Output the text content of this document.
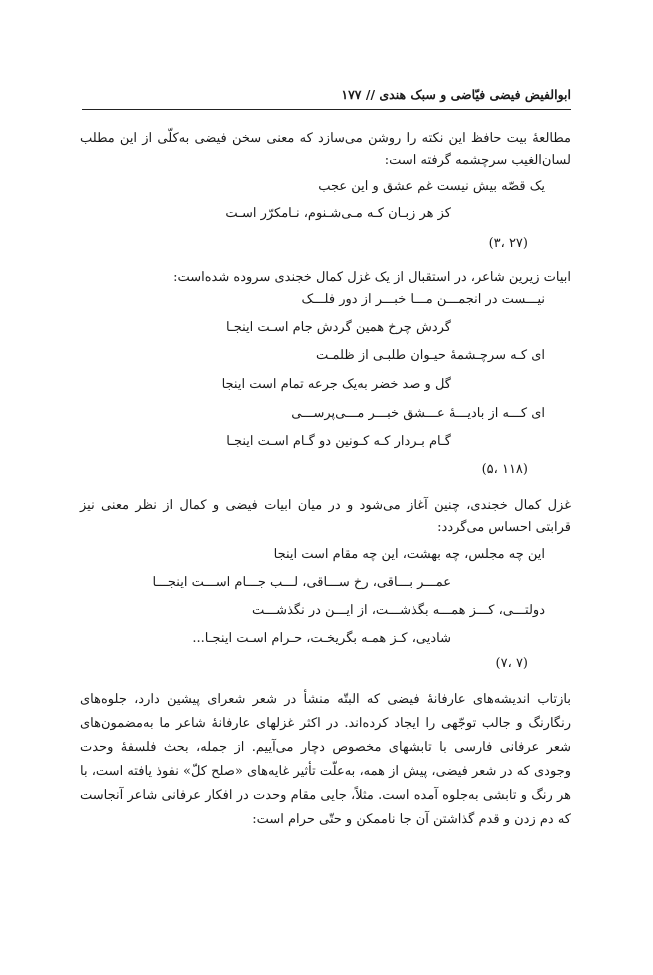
ابوالفیض فیضی فیّاضی و سبک هندی // ۱۷۷

مطالعهٔ بیت حافظ این نکته را روشن می‌سازد که معنی سخن فیضی به‌کلّی از این مطلب لسان‌الغیب سرچشمه گرفته است:

یک قصّه بیش نیست غم عشق و این عجب
کز هر زبـان کـه مـی‌شـنوم، نـامکرّر اسـت
(۲۷ ،۳)

ابیات زیرین شاعر، در استقبال از یک غزل کمال خجندی سروده شده‌است:

نیـــست در انجمـــن مـــا خبـــر از دور فلـــک
گردش چرخ همین گردش جام اسـت اینجـا
ای کـه سرچـشمهٔ حیـوان طلبـی از ظلمـت
گل و صد خضر به‌یک جرعه تمام است اینجا
ای کـــه از بادیـــهٔ عـــشق خبـــر مـــی‌پرســـی
گـام بـردار کـه کـونین دو گـام اسـت اینجـا
(۱۱۸ ،۵)

غزل کمال خجندی، چنین آغاز می‌شود و در میان ابیات فیضی و کمال از نظر معنی نیز قرابتی احساس می‌گردد:

این چه مجلس، چه بهشت، این چه مقام است اینجا
عمـــر بـــاقی، رخ ســـاقی، لـــب جـــام اســـت اینجـــا
دولتـــی، کـــز همـــه بگذشـــت، از ایـــن در نگذشـــت
شادیی، کـز همـه بگریخـت، حـرام اسـت اینجـا...
(۷ ،۷)

بازتاب اندیشه‌های عارفانهٔ فیضی که البتّه منشأ در شعر شعرای پیشین دارد، جلوه‌های رنگارنگ و جالب توجّهی را ایجاد کرده‌اند. در اکثر غزلهای عارفانهٔ شاعر ما به‌مضمون‌های شعر عرفانی فارسی با تابشهای مخصوص دچار می‌آییم. از جمله، بحث فلسفهٔ وحدت وجودی که در شعر فیضی، پیش از همه، به‌علّت تأثیر غایه‌های «صلح کلّ» نفوذ یافته است، با هر رنگ و تابشی به‌جلوه آمده است. مثلاً، جایی مقام وحدت در افکار عرفانی شاعر آنجاست که دم زدن و قدم گذاشتن آن جا ناممکن و حتّی حرام است:
